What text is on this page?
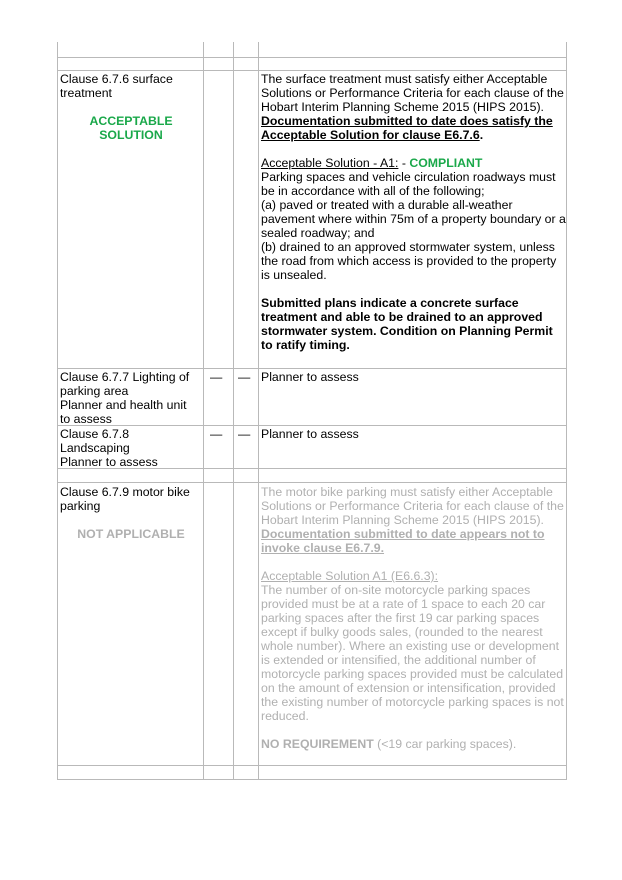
Clause 6.7.6 surface treatment
ACCEPTABLE SOLUTION

The surface treatment must satisfy either Acceptable Solutions or Performance Criteria for each clause of the Hobart Interim Planning Scheme 2015 (HIPS 2015).

Documentation submitted to date does satisfy the Acceptable Solution for clause E6.7.6.

Acceptable Solution - A1: - COMPLIANT

Parking spaces and vehicle circulation roadways must be in accordance with all of the following;

(a) paved or treated with a durable all-weather pavement where within 75m of a property boundary or a sealed roadway; and

(b) drained to an approved stormwater system, unless the road from which access is provided to the property is unsealed.

Submitted plans indicate a concrete surface treatment and able to be drained to an approved stormwater system. Condition on Planning Permit to ratify timing.

Clause 6.7.7 Lighting of parking area

Planner and health unit to assess

— — Planner to assess

Clause 6.7.8

Landscaping

Planner to assess

— — Planner to assess
Clause 6.7.9 motor bike parking
NOT APPLICABLE

The motor bike parking must satisfy either Acceptable Solutions or Performance Criteria for each clause of the Hobart Interim Planning Scheme 2015 (HIPS 2015).

Documentation submitted to date appears not to invoke clause E6.7.9.

Acceptable Solution A1 (E6.6.3):

The number of on-site motorcycle parking spaces provided must be at a rate of 1 space to each 20 car parking spaces after the first 19 car parking spaces except if bulky goods sales, (rounded to the nearest whole number). Where an existing use or development is extended or intensified, the additional number of motorcycle parking spaces provided must be calculated on the amount of extension or intensification, provided the existing number of motorcycle parking spaces is not reduced.

NO REQUIREMENT (<19 car parking spaces).
